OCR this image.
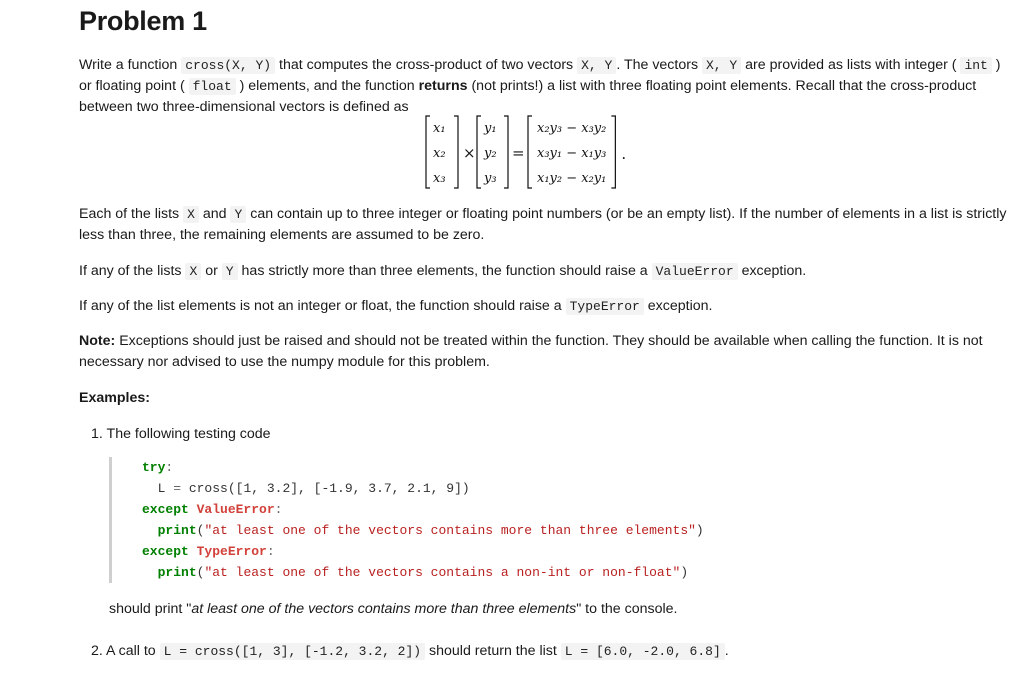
Problem 1

Write a function cross(X, Y) that computes the cross-product of two vectors X, Y . The vectors X, Y are provided as lists with integer ( int ) or floating point ( float ) elements, and the function returns (not prints!) a list with three floating point elements. Recall that the cross-product between two three-dimensional vectors is defined as

x₁
x₂
x₃
×
y₁
y₂
y₃
=
x₂y₃ − x₃y₂
x₃y₁ − x₁y₃
x₁y₂ − x₂y₁
.

Each of the lists X and Y can contain up to three integer or floating point numbers (or be an empty list). If the number of elements in a list is strictly less than three, the remaining elements are assumed to be zero.

If any of the lists X or Y has strictly more than three elements, the function should raise a ValueError exception.

If any of the list elements is not an integer or float, the function should raise a TypeError exception.

Note: Exceptions should just be raised and should not be treated within the function. They should be available when calling the function. It is not necessary nor advised to use the numpy module for this problem.

Examples:

1. The following testing code
try:
L = cross([1, 3.2], [-1.9, 3.7, 2.1, 9])
except ValueError:
print("at least one of the vectors contains more than three elements")
except TypeError:
print("at least one of the vectors contains a non-int or non-float")

should print "at least one of the vectors contains more than three elements" to the console.

2. A call to L = cross([1, 3], [-1.2, 3.2, 2]) should return the list L = [6.0, -2.0, 6.8] .
